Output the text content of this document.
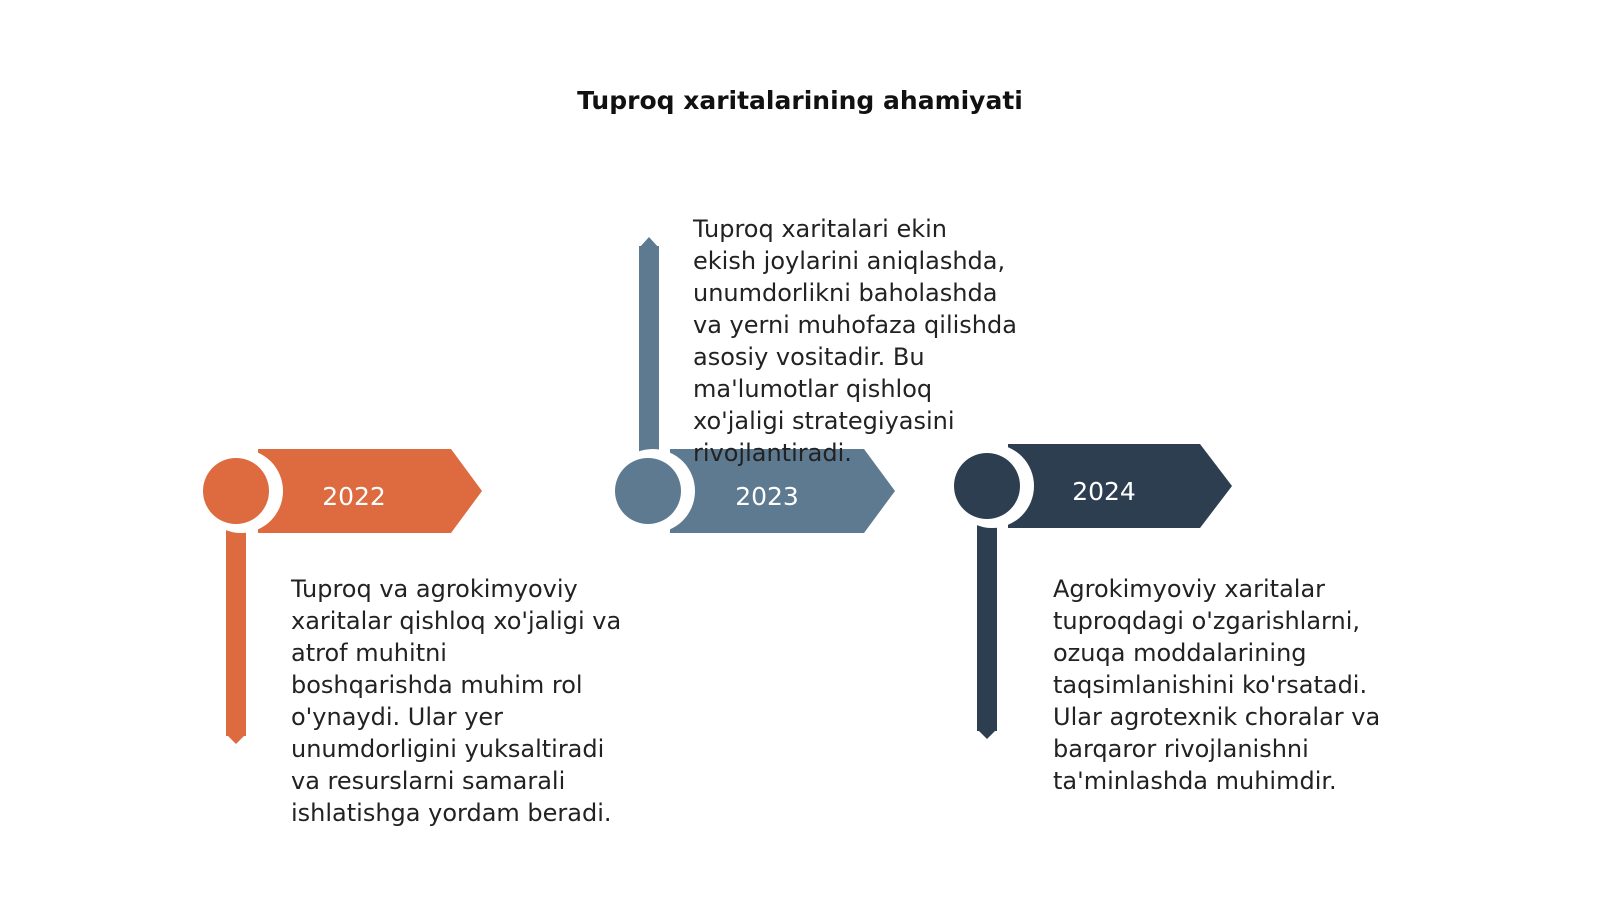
Tuproq xaritalarining ahamiyati
2022	2023	2024

Tuproq va agrokimyoviy
xaritalar qishloq xo'jaligi va
atrof muhitni
boshqarishda muhim rol
o'ynaydi. Ular yer
unumdorligini yuksaltiradi
va resurslarni samarali
ishlatishga yordam beradi.

Tuproq xaritalari ekin
ekish joylarini aniqlashda,
unumdorlikni baholashda
va yerni muhofaza qilishda
asosiy vositadir. Bu
ma'lumotlar qishloq
xo'jaligi strategiyasini
rivojlantiradi.

Agrokimyoviy xaritalar
tuproqdagi o'zgarishlarni,
ozuqa moddalarining
taqsimlanishini ko'rsatadi.
Ular agrotexnik choralar va
barqaror rivojlanishni
ta'minlashda muhimdir.
